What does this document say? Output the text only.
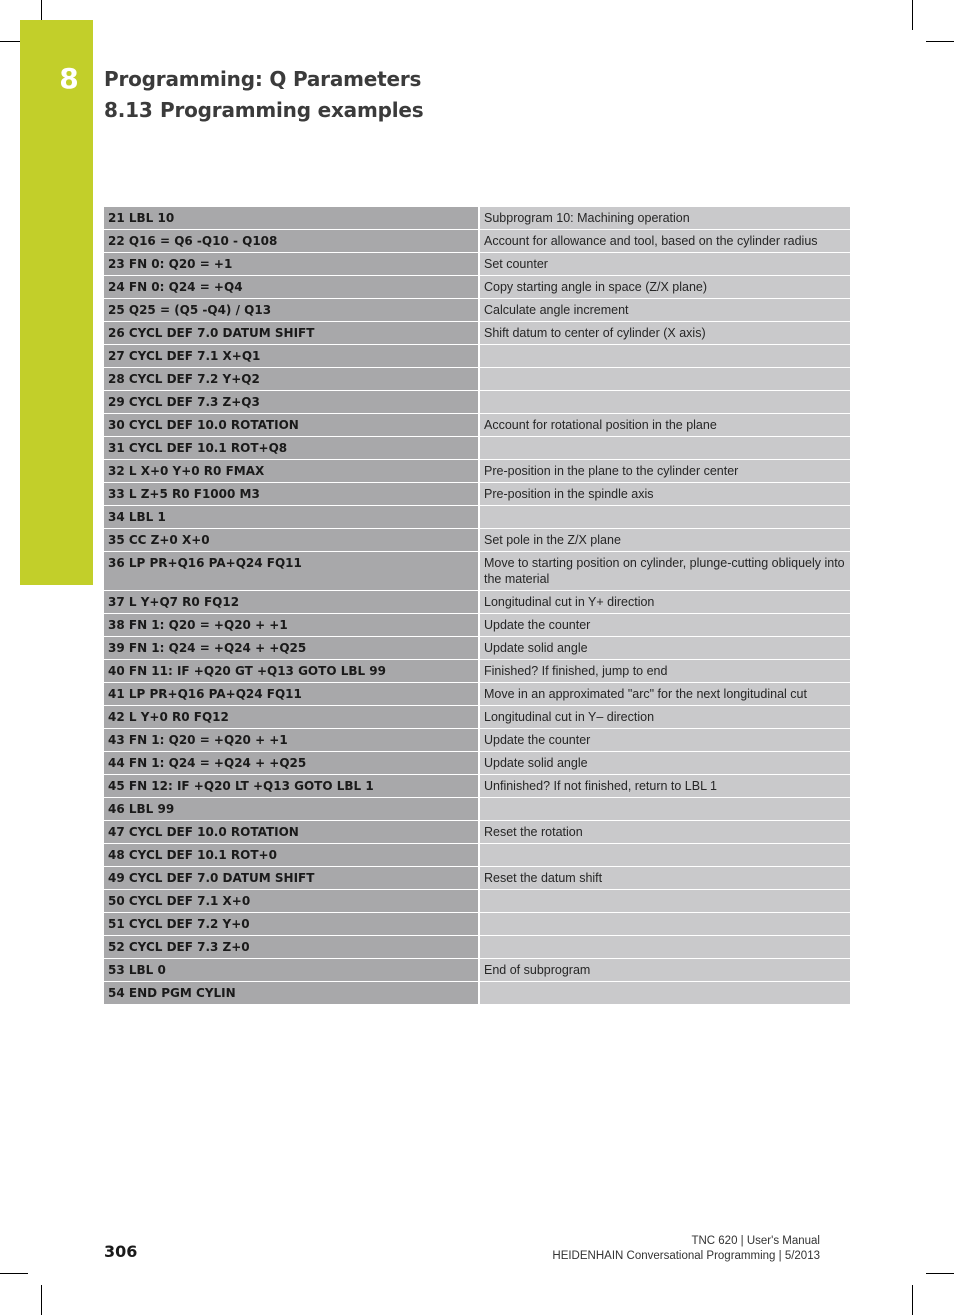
8 Programming: Q Parameters
8.13 Programming examples
21 LBL 10	Subprogram 10: Machining operation
22 Q16 = Q6 -Q10 - Q108	Account for allowance and tool, based on the cylinder radius
23 FN 0: Q20 = +1	Set counter
24 FN 0: Q24 = +Q4	Copy starting angle in space (Z/X plane)
25 Q25 = (Q5 -Q4) / Q13	Calculate angle increment
26 CYCL DEF 7.0 DATUM SHIFT	Shift datum to center of cylinder (X axis)
27 CYCL DEF 7.1 X+Q1	
28 CYCL DEF 7.2 Y+Q2	
29 CYCL DEF 7.3 Z+Q3	
30 CYCL DEF 10.0 ROTATION	Account for rotational position in the plane
31 CYCL DEF 10.1 ROT+Q8	
32 L X+0 Y+0 R0 FMAX	Pre-position in the plane to the cylinder center
33 L Z+5 R0 F1000 M3	Pre-position in the spindle axis
34 LBL 1	
35 CC Z+0 X+0	Set pole in the Z/X plane
36 LP PR+Q16 PA+Q24 FQ11	Move to starting position on cylinder, plunge-cutting obliquely into the material
37 L Y+Q7 R0 FQ12	Longitudinal cut in Y+ direction
38 FN 1: Q20 = +Q20 + +1	Update the counter
39 FN 1: Q24 = +Q24 + +Q25	Update solid angle
40 FN 11: IF +Q20 GT +Q13 GOTO LBL 99	Finished? If finished, jump to end
41 LP PR+Q16 PA+Q24 FQ11	Move in an approximated "arc" for the next longitudinal cut
42 L Y+0 R0 FQ12	Longitudinal cut in Y– direction
43 FN 1: Q20 = +Q20 + +1	Update the counter
44 FN 1: Q24 = +Q24 + +Q25	Update solid angle
45 FN 12: IF +Q20 LT +Q13 GOTO LBL 1	Unfinished? If not finished, return to LBL 1
46 LBL 99	
47 CYCL DEF 10.0 ROTATION	Reset the rotation
48 CYCL DEF 10.1 ROT+0	
49 CYCL DEF 7.0 DATUM SHIFT	Reset the datum shift
50 CYCL DEF 7.1 X+0	
51 CYCL DEF 7.2 Y+0	
52 CYCL DEF 7.3 Z+0	
53 LBL 0	End of subprogram
54 END PGM CYLIN	
306
TNC 620 | User's Manual
HEIDENHAIN Conversational Programming | 5/2013
